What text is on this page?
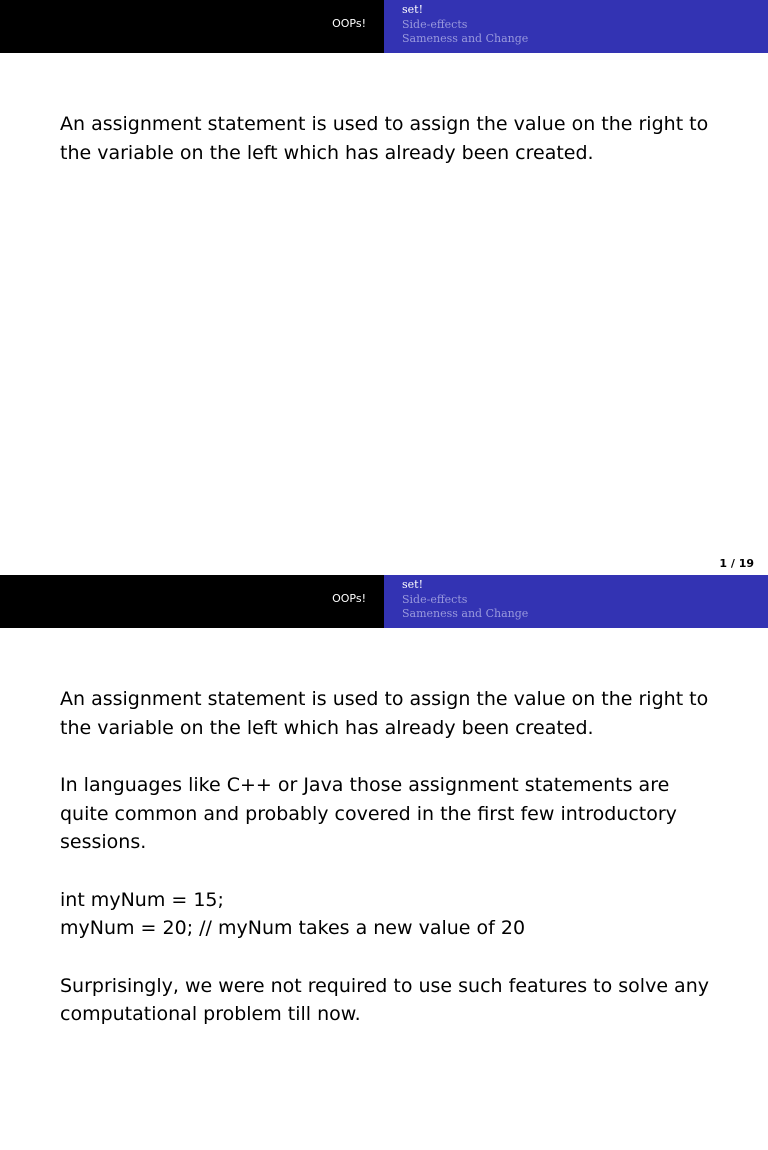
OOPs!
set!
Side-effects
Sameness and Change

An assignment statement is used to assign the value on the right to the variable on the left which has already been created.

1 / 19
OOPs!
set!
Side-effects
Sameness and Change

An assignment statement is used to assign the value on the right to the variable on the left which has already been created.

In languages like C++ or Java those assignment statements are quite common and probably covered in the first few introductory sessions.

int myNum = 15;
myNum = 20; // myNum takes a new value of 20

Surprisingly, we were not required to use such features to solve any computational problem till now.
